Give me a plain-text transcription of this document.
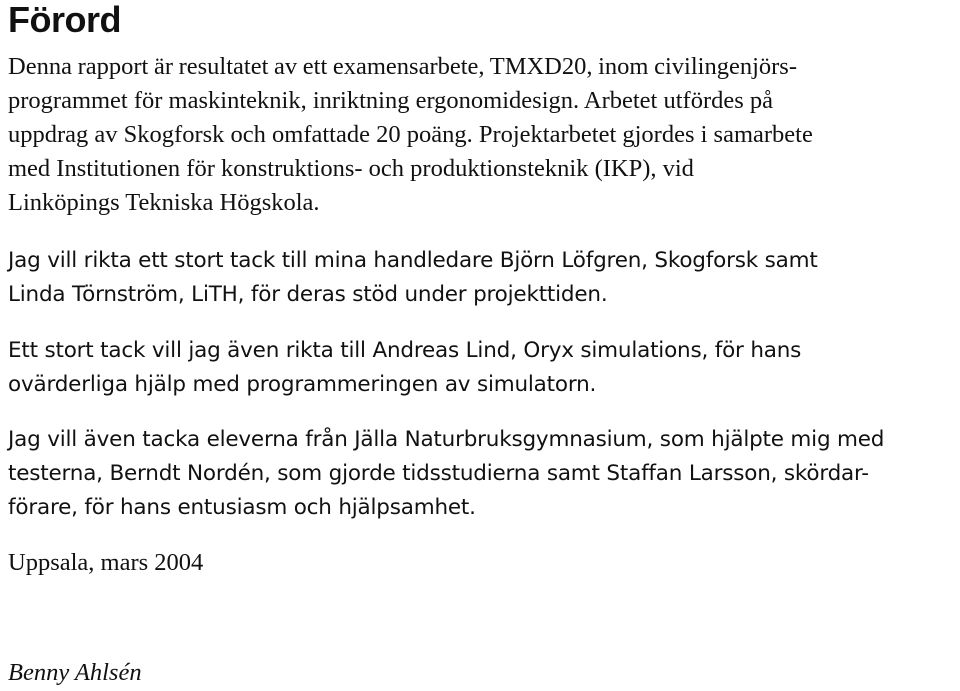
Förord
Denna rapport är resultatet av ett examensarbete, TMXD20, inom civilingenjörs-
programmet för maskinteknik, inriktning ergonomidesign. Arbetet utfördes på
uppdrag av Skogforsk och omfattade 20 poäng. Projektarbetet gjordes i samarbete
med Institutionen för konstruktions- och produktionsteknik (IKP), vid
Linköpings Tekniska Högskola.
Jag vill rikta ett stort tack till mina handledare Björn Löfgren, Skogforsk samt
Linda Törnström, LiTH, för deras stöd under projekttiden.
Ett stort tack vill jag även rikta till Andreas Lind, Oryx simulations, för hans
ovärderliga hjälp med programmeringen av simulatorn.
Jag vill även tacka eleverna från Jälla Naturbruksgymnasium, som hjälpte mig med
testerna, Berndt Nordén, som gjorde tidsstudierna samt Staffan Larsson, skördar-
förare, för hans entusiasm och hjälpsamhet.
Uppsala, mars 2004
Benny Ahlsén
